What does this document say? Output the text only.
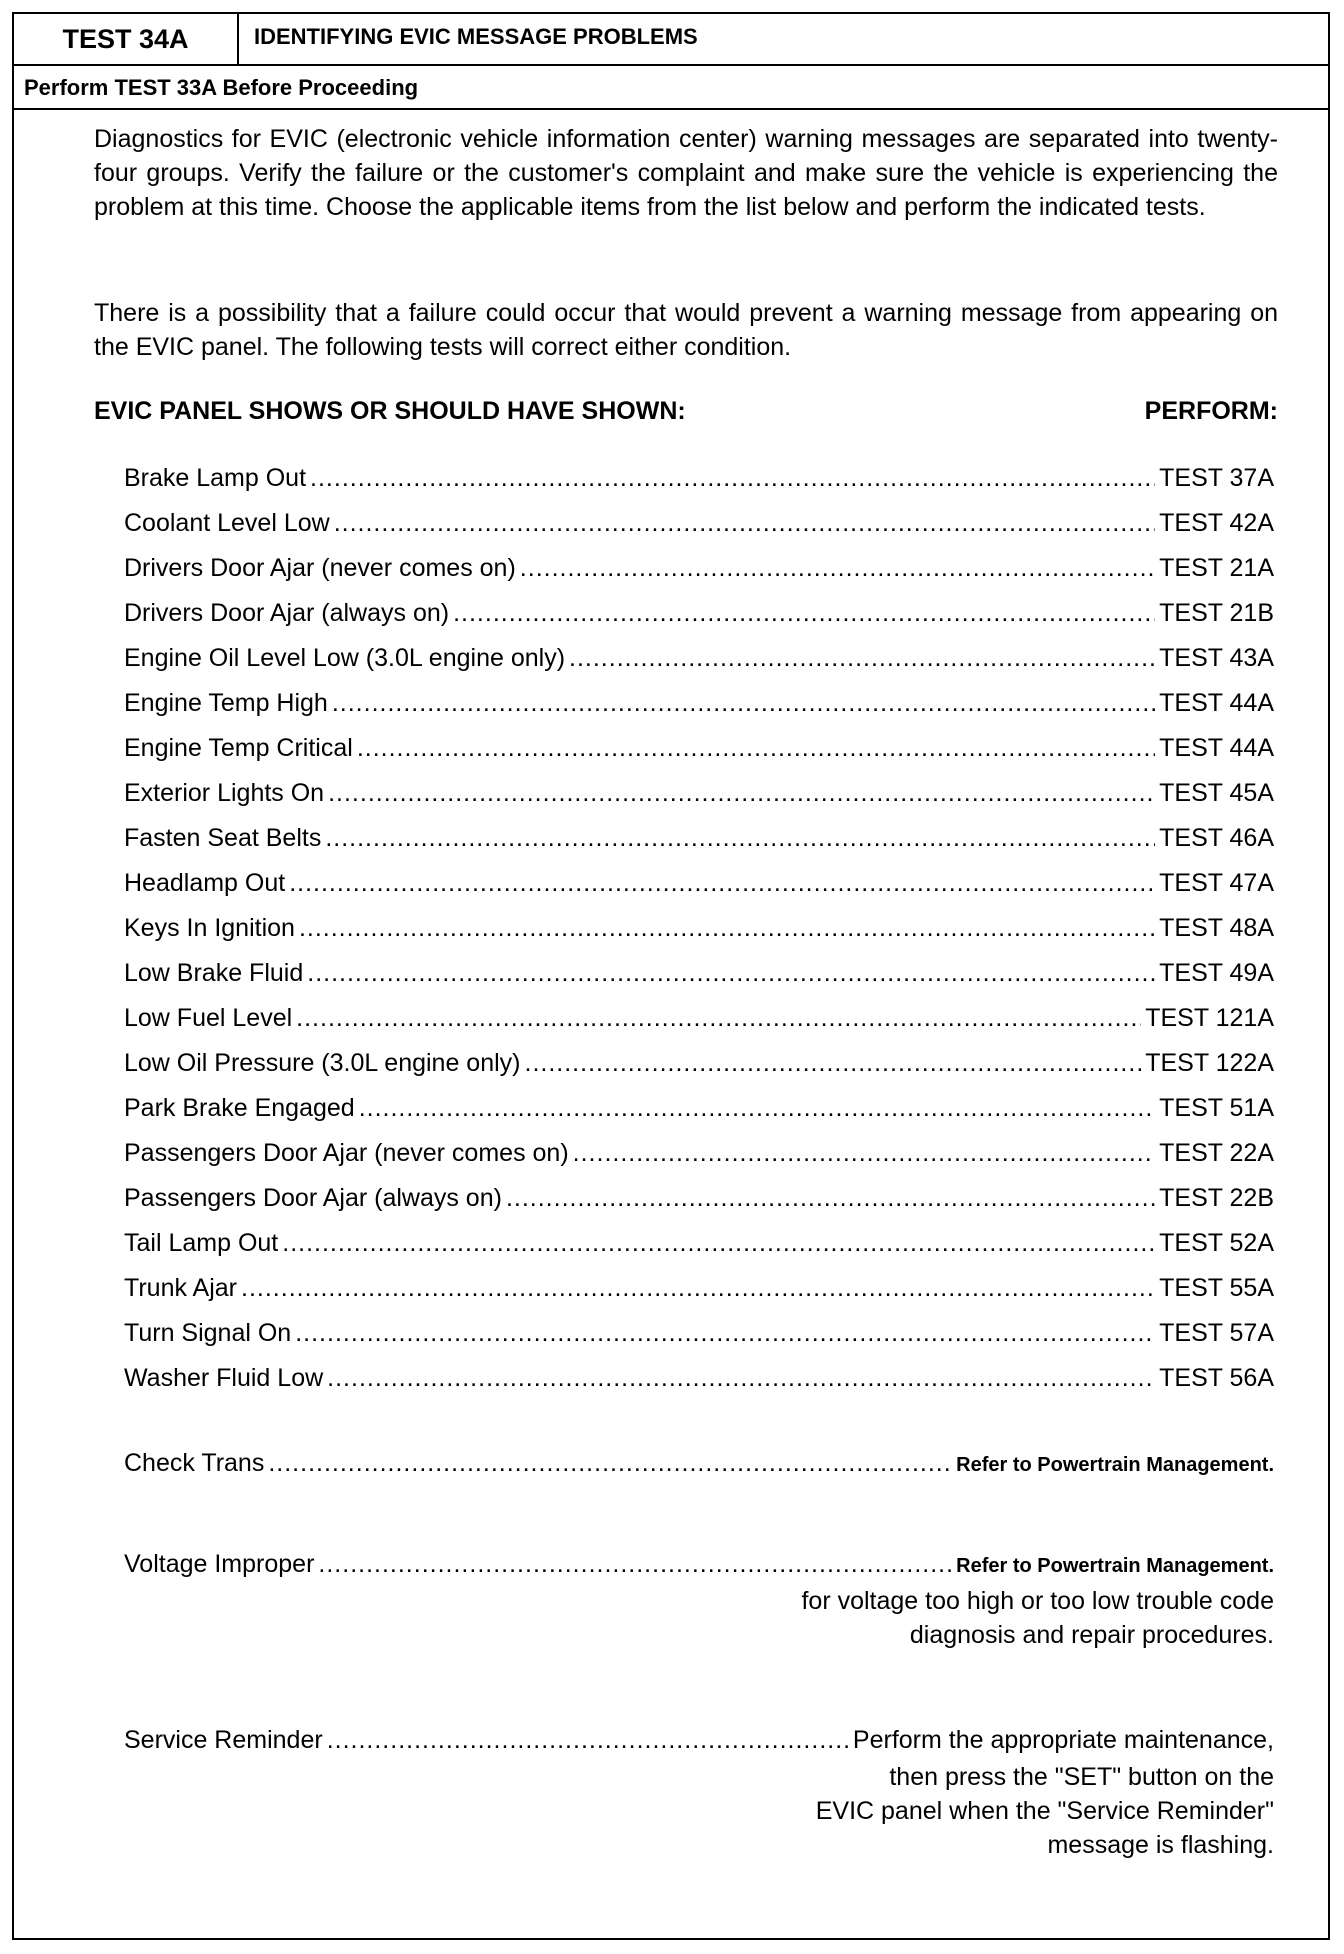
TEST 34A	IDENTIFYING EVIC MESSAGE PROBLEMS
Perform TEST 33A Before Proceeding

Diagnostics for EVIC (electronic vehicle information center) warning messages are separated into twenty-four groups. Verify the failure or the customer's complaint and make sure the vehicle is experiencing the problem at this time. Choose the applicable items from the list below and perform the indicated tests.

There is a possibility that a failure could occur that would prevent a warning message from appearing on the EVIC panel. The following tests will correct either condition.

EVIC PANEL SHOWS OR SHOULD HAVE SHOWN:	PERFORM:
Brake Lamp Out .....	TEST 37A
Coolant Level Low .....	TEST 42A
Drivers Door Ajar (never comes on) .....	TEST 21A
Drivers Door Ajar (always on) .....	TEST 21B
Engine Oil Level Low (3.0L engine only) .....	TEST 43A
Engine Temp High .....	TEST 44A
Engine Temp Critical .....	TEST 44A
Exterior Lights On .....	TEST 45A
Fasten Seat Belts .....	TEST 46A
Headlamp Out .....	TEST 47A
Keys In Ignition .....	TEST 48A
Low Brake Fluid .....	TEST 49A
Low Fuel Level .....	TEST 121A
Low Oil Pressure (3.0L engine only) .....	TEST 122A
Park Brake Engaged .....	TEST 51A
Passengers Door Ajar (never comes on) .....	TEST 22A
Passengers Door Ajar (always on) .....	TEST 22B
Tail Lamp Out .....	TEST 52A
Trunk Ajar .....	TEST 55A
Turn Signal On .....	TEST 57A
Washer Fluid Low .....	TEST 56A
Check Trans .....	Refer to Powertrain Management.
Voltage Improper .....	Refer to Powertrain Management.
for voltage too high or too low trouble code
diagnosis and repair procedures.
Service Reminder .....	Perform the appropriate maintenance,
then press the "SET" button on the
EVIC panel when the "Service Reminder"
message is flashing.
